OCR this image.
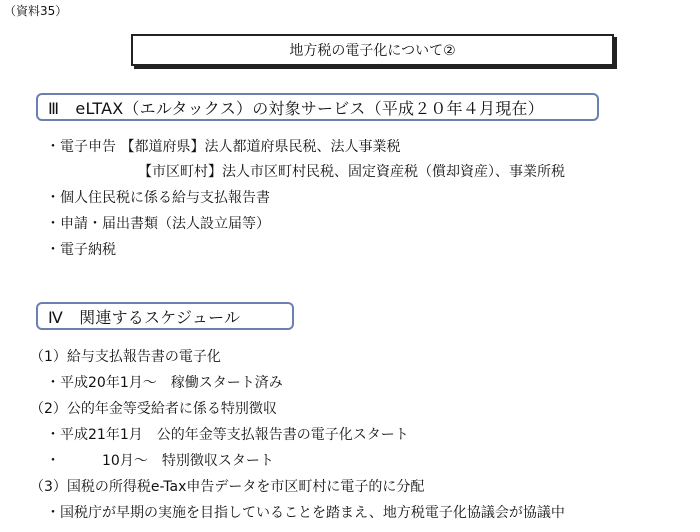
（資料35）
地方税の電子化について②
Ⅲ　eLTAX（エルタックス）の対象サービス（平成２０年４月現在）
・電子申告 【都道府県】法人都道府県民税、法人事業税
【市区町村】法人市区町村民税、固定資産税（償却資産）、事業所税
・個人住民税に係る給与支払報告書
・申請・届出書類（法人設立届等）
・電子納税
Ⅳ　関連するスケジュール
（1）給与支払報告書の電子化
・平成20年1月～　稼働スタート済み
（2）公的年金等受給者に係る特別徴収
・平成21年1月　公的年金等支払報告書の電子化スタート
・　　　10月～　特別徴収スタート
（3）国税の所得税e-Tax申告データを市区町村に電子的に分配
・国税庁が早期の実施を目指していることを踏まえ、地方税電子化協議会が協議中
